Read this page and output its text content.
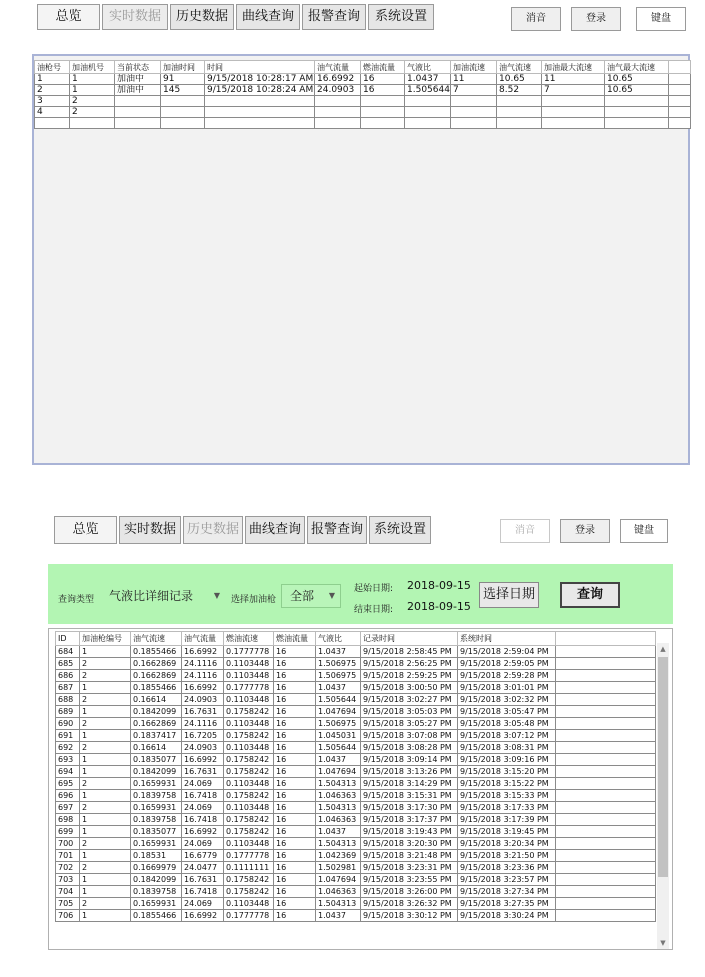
总览	实时数据	历史数据	曲线查询	报警查询	系统设置	消音	登录	键盘
油枪号	加油机号	当前状态	加油时间	时间	油气流量	燃油流量	气液比	加油流速	油气流速	加油最大流速	油气最大流速	
1	1	加油中	91	9/15/2018 10:28:17 AM	16.6992	16	1.0437	11	10.65	11	10.65	
2	1	加油中	145	9/15/2018 10:28:24 AM	24.0903	16	1.505644	7	8.52	7	10.65	
3	2											
4	2											

总览	实时数据 历史数据 曲线查询 报警查询 系统设置	消音	登录	键盘
查询类型	气液比详细记录	▼ 选择加油枪	全部 ▼
起始日期: 2018-09-15
结束日期: 2018-09-15
选择日期	查询
ID	加油枪编号	油气流速	油气流量	燃油流速	燃油流量	气液比	记录时间	系统时间	
684	1	0.1855466	16.6992	0.1777778	16	1.0437	9/15/2018 2:58:45 PM	9/15/2018 2:59:04 PM	
685	2	0.1662869	24.1116	0.1103448	16	1.506975	9/15/2018 2:56:25 PM	9/15/2018 2:59:05 PM	
686	2	0.1662869	24.1116	0.1103448	16	1.506975	9/15/2018 2:59:25 PM	9/15/2018 2:59:28 PM	
687	1	0.1855466	16.6992	0.1777778	16	1.0437	9/15/2018 3:00:50 PM	9/15/2018 3:01:01 PM	
688	2	0.16614	24.0903	0.1103448	16	1.505644	9/15/2018 3:02:27 PM	9/15/2018 3:02:32 PM	
689	1	0.1842099	16.7631	0.1758242	16	1.047694	9/15/2018 3:05:03 PM	9/15/2018 3:05:47 PM	
690	2	0.1662869	24.1116	0.1103448	16	1.506975	9/15/2018 3:05:27 PM	9/15/2018 3:05:48 PM	
691	1	0.1837417	16.7205	0.1758242	16	1.045031	9/15/2018 3:07:08 PM	9/15/2018 3:07:12 PM	
692	2	0.16614	24.0903	0.1103448	16	1.505644	9/15/2018 3:08:28 PM	9/15/2018 3:08:31 PM	
693	1	0.1835077	16.6992	0.1758242	16	1.0437	9/15/2018 3:09:14 PM	9/15/2018 3:09:16 PM	
694	1	0.1842099	16.7631	0.1758242	16	1.047694	9/15/2018 3:13:26 PM	9/15/2018 3:15:20 PM	
695	2	0.1659931	24.069	0.1103448	16	1.504313	9/15/2018 3:14:29 PM	9/15/2018 3:15:22 PM	
696	1	0.1839758	16.7418	0.1758242	16	1.046363	9/15/2018 3:15:31 PM	9/15/2018 3:15:33 PM	
697	2	0.1659931	24.069	0.1103448	16	1.504313	9/15/2018 3:17:30 PM	9/15/2018 3:17:33 PM	
698	1	0.1839758	16.7418	0.1758242	16	1.046363	9/15/2018 3:17:37 PM	9/15/2018 3:17:39 PM	
699	1	0.1835077	16.6992	0.1758242	16	1.0437	9/15/2018 3:19:43 PM	9/15/2018 3:19:45 PM	
700	2	0.1659931	24.069	0.1103448	16	1.504313	9/15/2018 3:20:30 PM	9/15/2018 3:20:34 PM	
701	1	0.18531	16.6779	0.1777778	16	1.042369	9/15/2018 3:21:48 PM	9/15/2018 3:21:50 PM	
702	2	0.1669979	24.0477	0.1111111	16	1.502981	9/15/2018 3:23:31 PM	9/15/2018 3:23:36 PM	
703	1	0.1842099	16.7631	0.1758242	16	1.047694	9/15/2018 3:23:55 PM	9/15/2018 3:23:57 PM	
704	1	0.1839758	16.7418	0.1758242	16	1.046363	9/15/2018 3:26:00 PM	9/15/2018 3:27:34 PM	
705	2	0.1659931	24.069	0.1103448	16	1.504313	9/15/2018 3:26:32 PM	9/15/2018 3:27:35 PM	
706	1	0.1855466	16.6992	0.1777778	16	1.0437	9/15/2018 3:30:12 PM	9/15/2018 3:30:24 PM	
▲
▼
